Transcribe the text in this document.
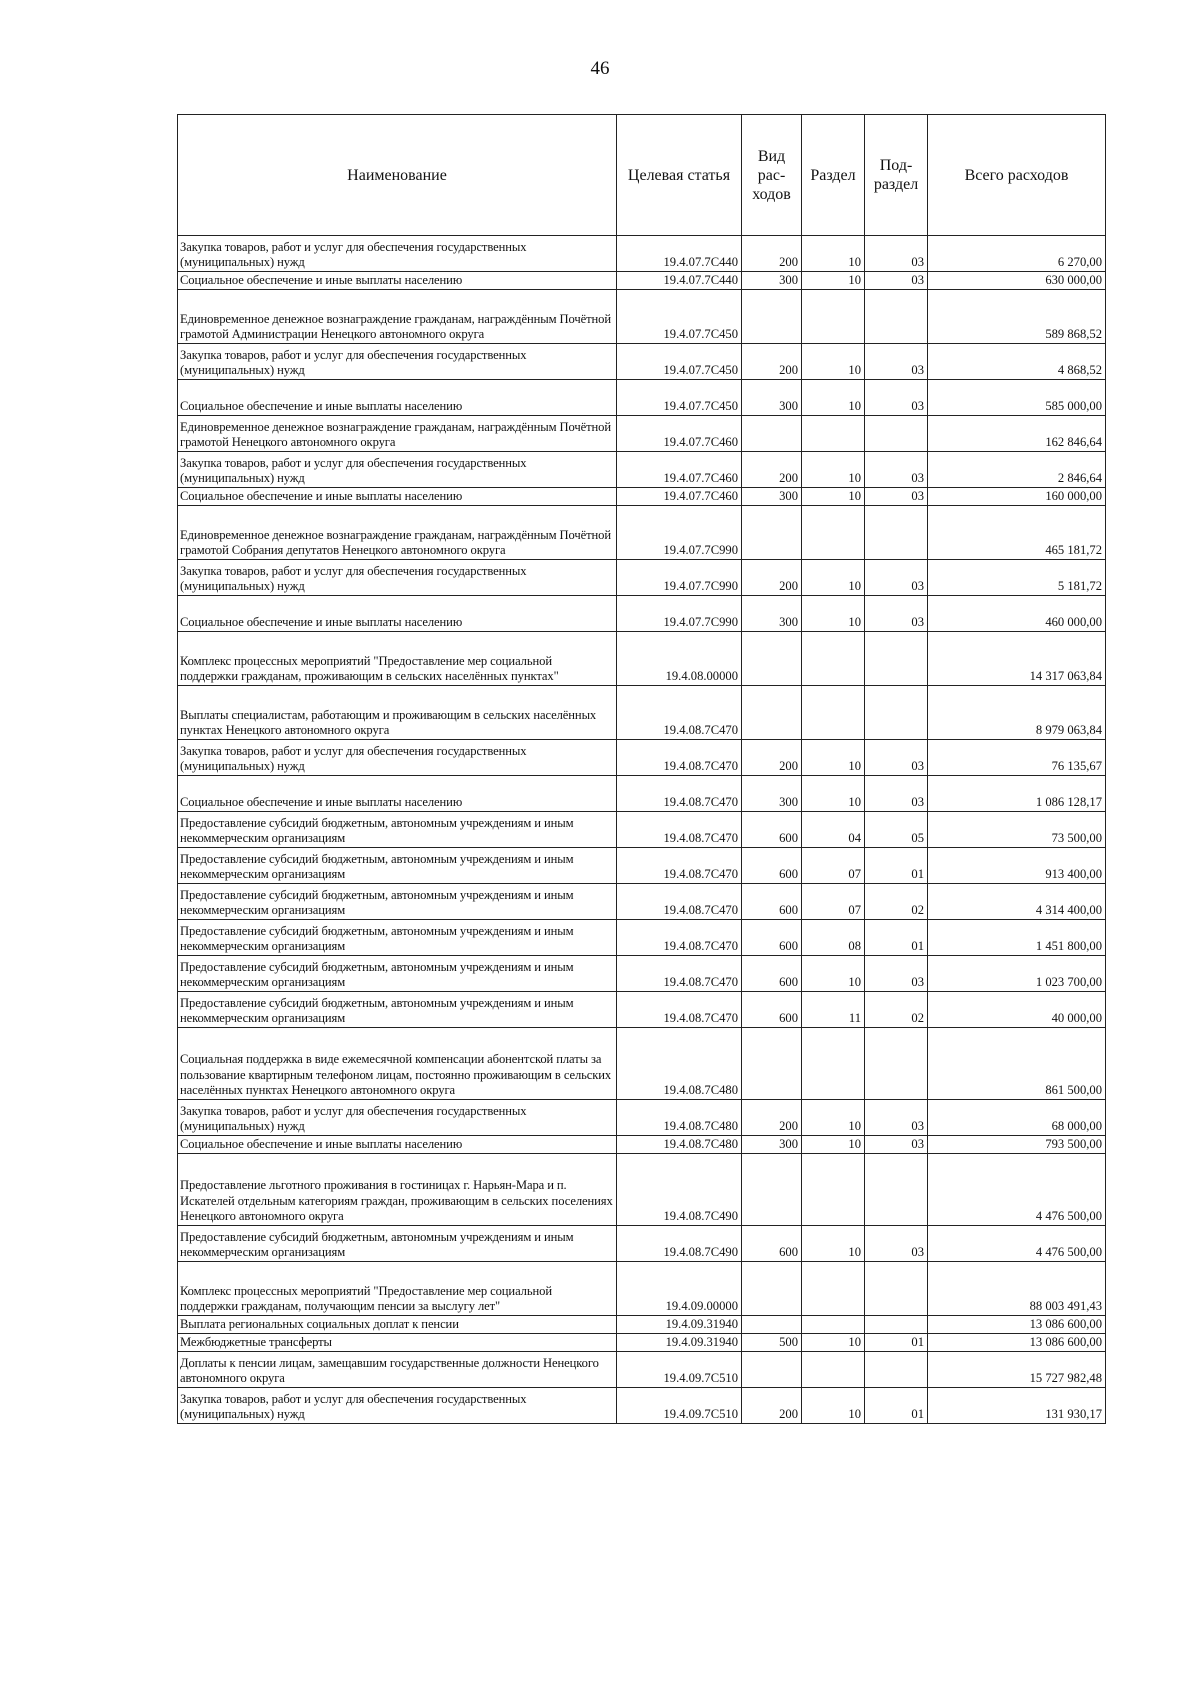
46
Наименование	Целевая статья	Вид рас-ходов	Раздел	Под-раздел	Всего расходов
Закупка товаров, работ и услуг для обеспечения государственных (муниципальных) нужд	19.4.07.7С440	200	10	03	6 270,00
Социальное обеспечение и иные выплаты населению	19.4.07.7С440	300	10	03	630 000,00
Единовременное денежное вознаграждение гражданам, награждённым Почётной грамотой Администрации Ненецкого автономного округа	19.4.07.7С450				589 868,52
Закупка товаров, работ и услуг для обеспечения государственных (муниципальных) нужд	19.4.07.7С450	200	10	03	4 868,52
Социальное обеспечение и иные выплаты населению	19.4.07.7С450	300	10	03	585 000,00
Единовременное денежное вознаграждение гражданам, награждённым Почётной грамотой Ненецкого автономного округа	19.4.07.7С460				162 846,64
Закупка товаров, работ и услуг для обеспечения государственных (муниципальных) нужд	19.4.07.7С460	200	10	03	2 846,64
Социальное обеспечение и иные выплаты населению	19.4.07.7С460	300	10	03	160 000,00
Единовременное денежное вознаграждение гражданам, награждённым Почётной грамотой Собрания депутатов Ненецкого автономного округа	19.4.07.7С990				465 181,72
Закупка товаров, работ и услуг для обеспечения государственных (муниципальных) нужд	19.4.07.7С990	200	10	03	5 181,72
Социальное обеспечение и иные выплаты населению	19.4.07.7С990	300	10	03	460 000,00
Комплекс процессных мероприятий "Предоставление мер социальной поддержки гражданам, проживающим в сельских населённых пунктах"	19.4.08.00000				14 317 063,84
Выплаты специалистам, работающим и проживающим в сельских населённых пунктах Ненецкого автономного округа	19.4.08.7С470				8 979 063,84
Закупка товаров, работ и услуг для обеспечения государственных (муниципальных) нужд	19.4.08.7С470	200	10	03	76 135,67
Социальное обеспечение и иные выплаты населению	19.4.08.7С470	300	10	03	1 086 128,17
Предоставление субсидий бюджетным, автономным учреждениям и иным некоммерческим организациям	19.4.08.7С470	600	04	05	73 500,00
Предоставление субсидий бюджетным, автономным учреждениям и иным некоммерческим организациям	19.4.08.7С470	600	07	01	913 400,00
Предоставление субсидий бюджетным, автономным учреждениям и иным некоммерческим организациям	19.4.08.7С470	600	07	02	4 314 400,00
Предоставление субсидий бюджетным, автономным учреждениям и иным некоммерческим организациям	19.4.08.7С470	600	08	01	1 451 800,00
Предоставление субсидий бюджетным, автономным учреждениям и иным некоммерческим организациям	19.4.08.7С470	600	10	03	1 023 700,00
Предоставление субсидий бюджетным, автономным учреждениям и иным некоммерческим организациям	19.4.08.7С470	600	11	02	40 000,00
Социальная поддержка в виде ежемесячной компенсации абонентской платы за пользование квартирным телефоном лицам, постоянно проживающим в сельских населённых пунктах Ненецкого автономного округа	19.4.08.7С480				861 500,00
Закупка товаров, работ и услуг для обеспечения государственных (муниципальных) нужд	19.4.08.7С480	200	10	03	68 000,00
Социальное обеспечение и иные выплаты населению	19.4.08.7С480	300	10	03	793 500,00
Предоставление льготного проживания в гостиницах г. Нарьян-Мара и п. Искателей отдельным категориям граждан, проживающим в сельских поселениях Ненецкого автономного округа	19.4.08.7С490				4 476 500,00
Предоставление субсидий бюджетным, автономным учреждениям и иным некоммерческим организациям	19.4.08.7С490	600	10	03	4 476 500,00
Комплекс процессных мероприятий "Предоставление мер социальной поддержки гражданам, получающим пенсии за выслугу лет"	19.4.09.00000				88 003 491,43
Выплата региональных социальных доплат к пенсии	19.4.09.31940				13 086 600,00
Межбюджетные трансферты	19.4.09.31940	500	10	01	13 086 600,00
Доплаты к пенсии лицам, замещавшим государственные должности Ненецкого автономного округа	19.4.09.7С510				15 727 982,48
Закупка товаров, работ и услуг для обеспечения государственных (муниципальных) нужд	19.4.09.7С510	200	10	01	131 930,17
